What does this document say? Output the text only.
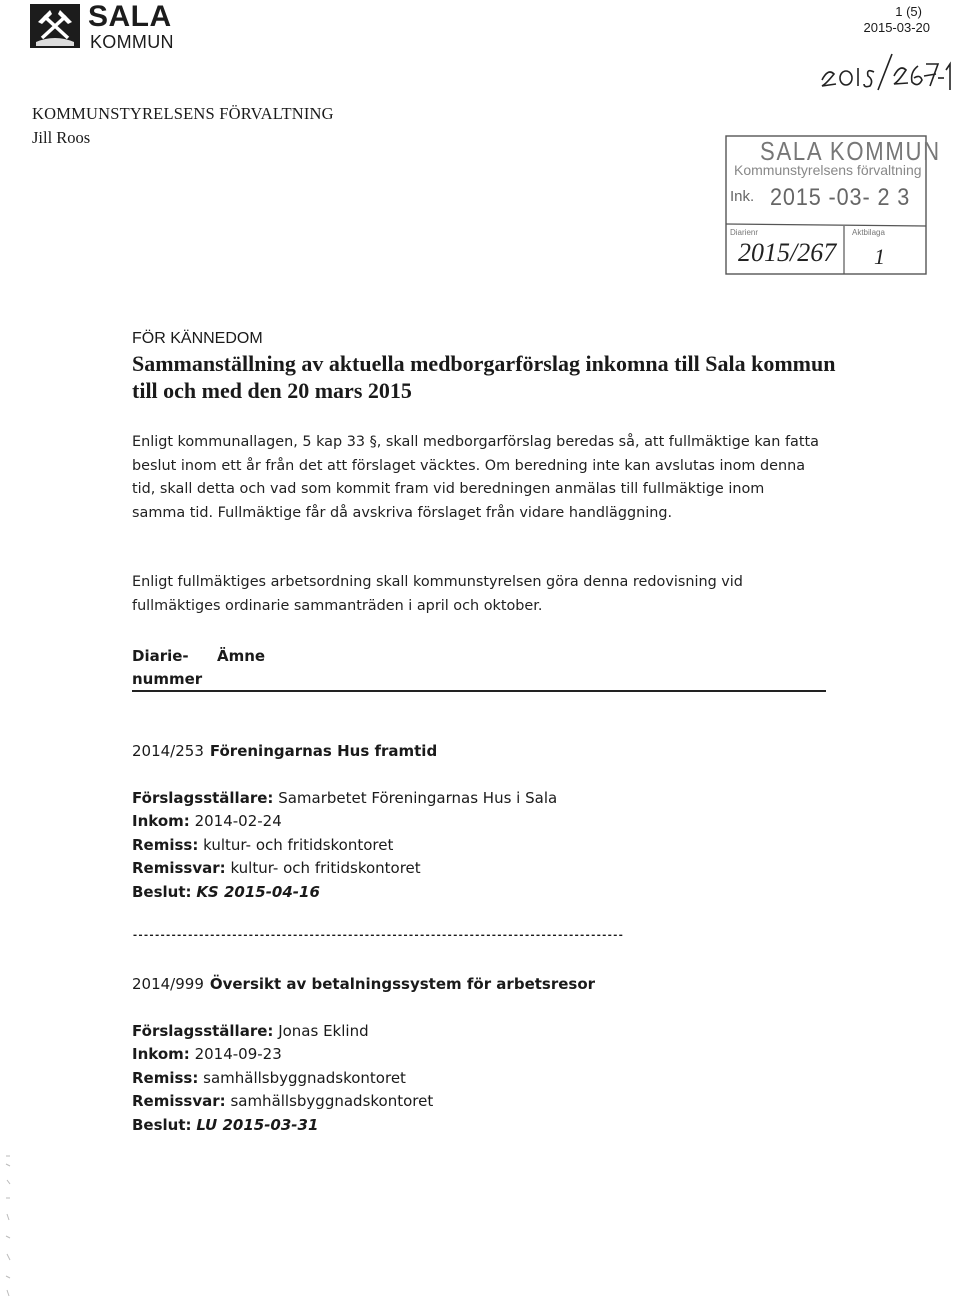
SALA
KOMMUN
1 (5)
2015-03-20
KOMMUNSTYRELSENS FÖRVALTNING
Jill Roos	SALA KOMMUN
Kommunstyrelsens förvaltning
Ink. 2015 -03- 2 3
Diarienr
2015/267
Aktbilaga
1
FÖR KÄNNEDOM
Sammanställning av aktuella medborgarförslag inkomna till Sala kommun till och med den 20 mars 2015

Enligt kommunallagen, 5 kap 33 §, skall medborgarförslag beredas så, att fullmäktige kan fatta beslut inom ett år från det att förslaget väcktes. Om beredning inte kan avslutas inom denna tid, skall detta och vad som kommit fram vid beredningen anmälas till fullmäktige inom samma tid. Fullmäktige får då avskriva förslaget från vidare handläggning.

Enligt fullmäktiges arbetsordning skall kommunstyrelsen göra denna redovisning vid fullmäktiges ordinarie sammanträden i april och oktober.

Diarie-
nummer
Ämne
2014/253 Föreningarnas Hus framtid
Förslagsställare: Samarbetet Föreningarnas Hus i Sala
Inkom: 2014-02-24
Remiss: kultur- och fritidskontoret
Remissvar: kultur- och fritidskontoret
Beslut: KS 2015-04-16
-----------------------------------------------------------------------------------------
2014/999 Översikt av betalningssystem för arbetsresor
Förslagsställare: Jonas Eklind
Inkom: 2014-09-23
Remiss: samhällsbyggnadskontoret
Remissvar: samhällsbyggnadskontoret
Beslut: LU 2015-03-31
